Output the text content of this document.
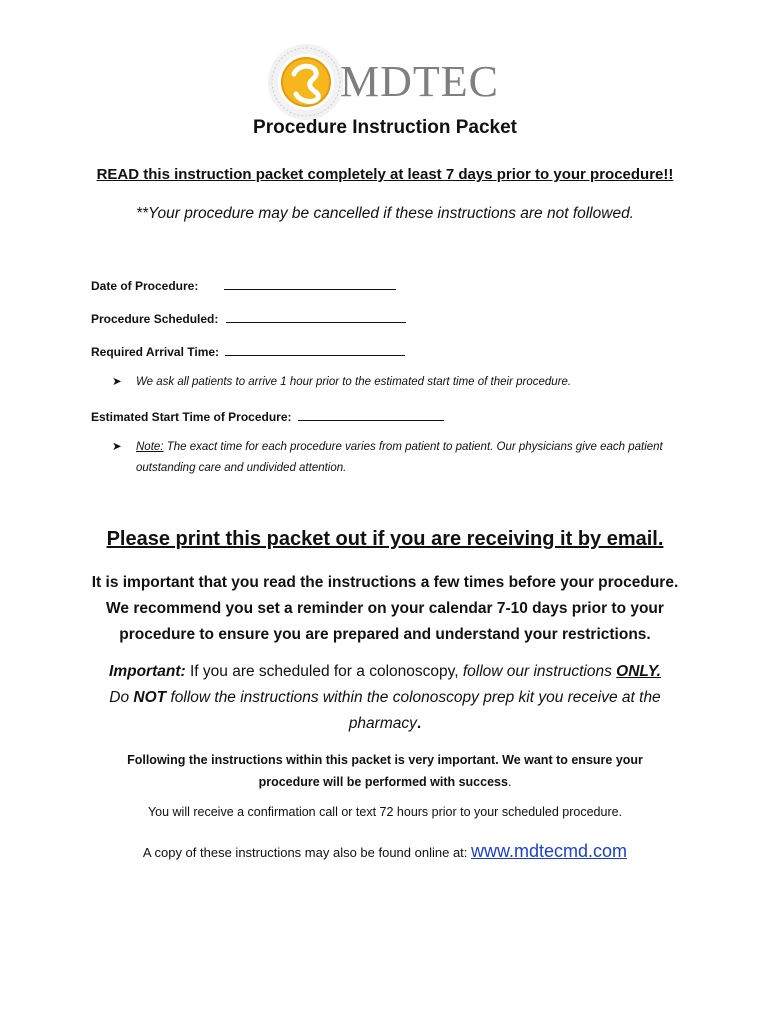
MDTEC
Procedure Instruction Packet
READ this instruction packet completely at least 7 days prior to your procedure!!
**Your procedure may be cancelled if these instructions are not followed.
Date of Procedure:
Procedure Scheduled:
Required Arrival Time:
➤	We ask all patients to arrive 1 hour prior to the estimated start time of their procedure.
Estimated Start Time of Procedure:
➤	Note: The exact time for each procedure varies from patient to patient. Our physicians give each patient outstanding care and undivided attention.
Please print this packet out if you are receiving it by email.
It is important that you read the instructions a few times before your procedure. We recommend you set a reminder on your calendar 7-10 days prior to your procedure to ensure you are prepared and understand your restrictions.
Important: If you are scheduled for a colonoscopy, follow our instructions ONLY.
Do NOT follow the instructions within the colonoscopy prep kit you receive at the pharmacy.
Following the instructions within this packet is very important. We want to ensure your procedure will be performed with success.
You will receive a confirmation call or text 72 hours prior to your scheduled procedure.
A copy of these instructions may also be found online at: www.mdtecmd.com
